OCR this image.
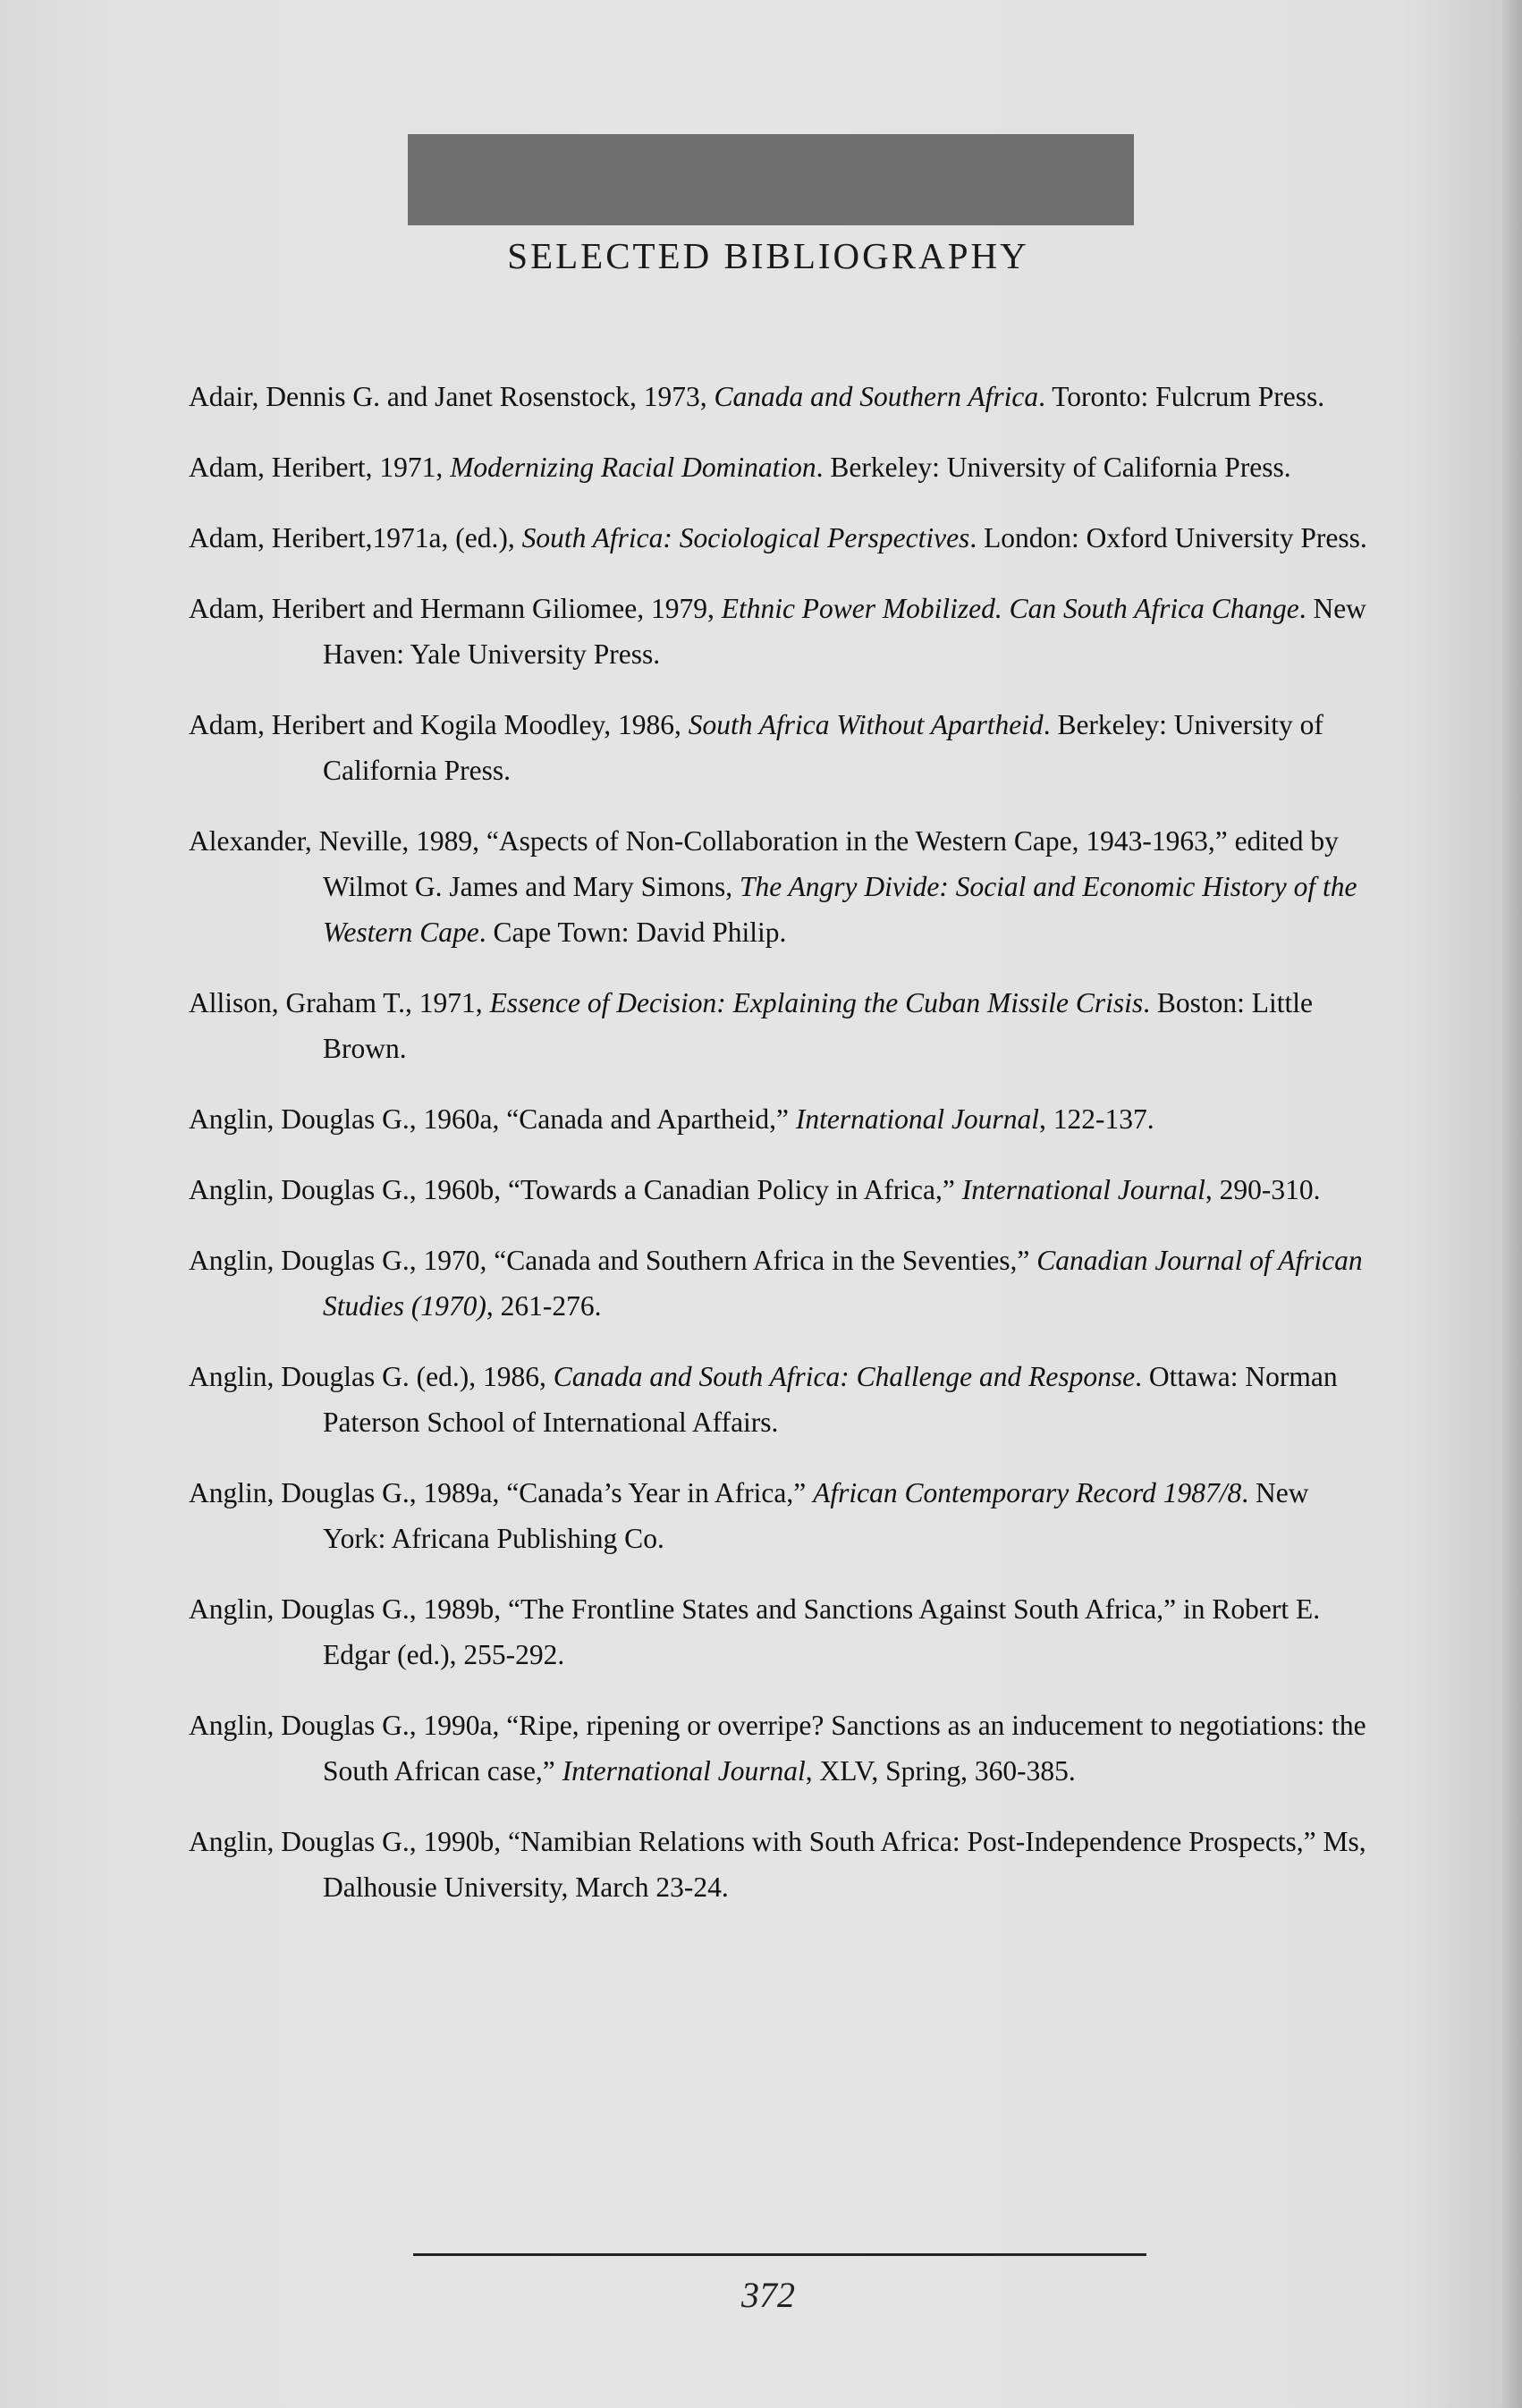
SELECTED BIBLIOGRAPHY

Adair, Dennis G. and Janet Rosenstock, 1973, Canada and Southern Africa. Toronto: Fulcrum Press.

Adam, Heribert, 1971, Modernizing Racial Domination. Berkeley: University of California Press.

Adam, Heribert,1971a, (ed.), South Africa: Sociological Perspectives. London: Oxford University Press.

Adam, Heribert and Hermann Giliomee, 1979, Ethnic Power Mobilized. Can South Africa Change. New Haven: Yale University Press.

Adam, Heribert and Kogila Moodley, 1986, South Africa Without Apartheid. Berkeley: University of California Press.

Alexander, Neville, 1989, “Aspects of Non-Collaboration in the Western Cape, 1943-1963,” edited by Wilmot G. James and Mary Simons, The Angry Divide: Social and Economic History of the Western Cape. Cape Town: David Philip.

Allison, Graham T., 1971, Essence of Decision: Explaining the Cuban Missile Crisis. Boston: Little Brown.

Anglin, Douglas G., 1960a, “Canada and Apartheid,” International Journal, 122-137.

Anglin, Douglas G., 1960b, “Towards a Canadian Policy in Africa,” International Journal, 290-310.

Anglin, Douglas G., 1970, “Canada and Southern Africa in the Seventies,” Canadian Journal of African Studies (1970), 261-276.

Anglin, Douglas G. (ed.), 1986, Canada and South Africa: Challenge and Response. Ottawa: Norman Paterson School of International Affairs.

Anglin, Douglas G., 1989a, “Canada’s Year in Africa,” African Contemporary Record 1987/8. New York: Africana Publishing Co.

Anglin, Douglas G., 1989b, “The Frontline States and Sanctions Against South Africa,” in Robert E. Edgar (ed.), 255-292.

Anglin, Douglas G., 1990a, “Ripe, ripening or overripe? Sanctions as an inducement to negotiations: the South African case,” International Journal, XLV, Spring, 360-385.

Anglin, Douglas G., 1990b, “Namibian Relations with South Africa: Post-Independence Prospects,” Ms, Dalhousie University, March 23-24.

372
